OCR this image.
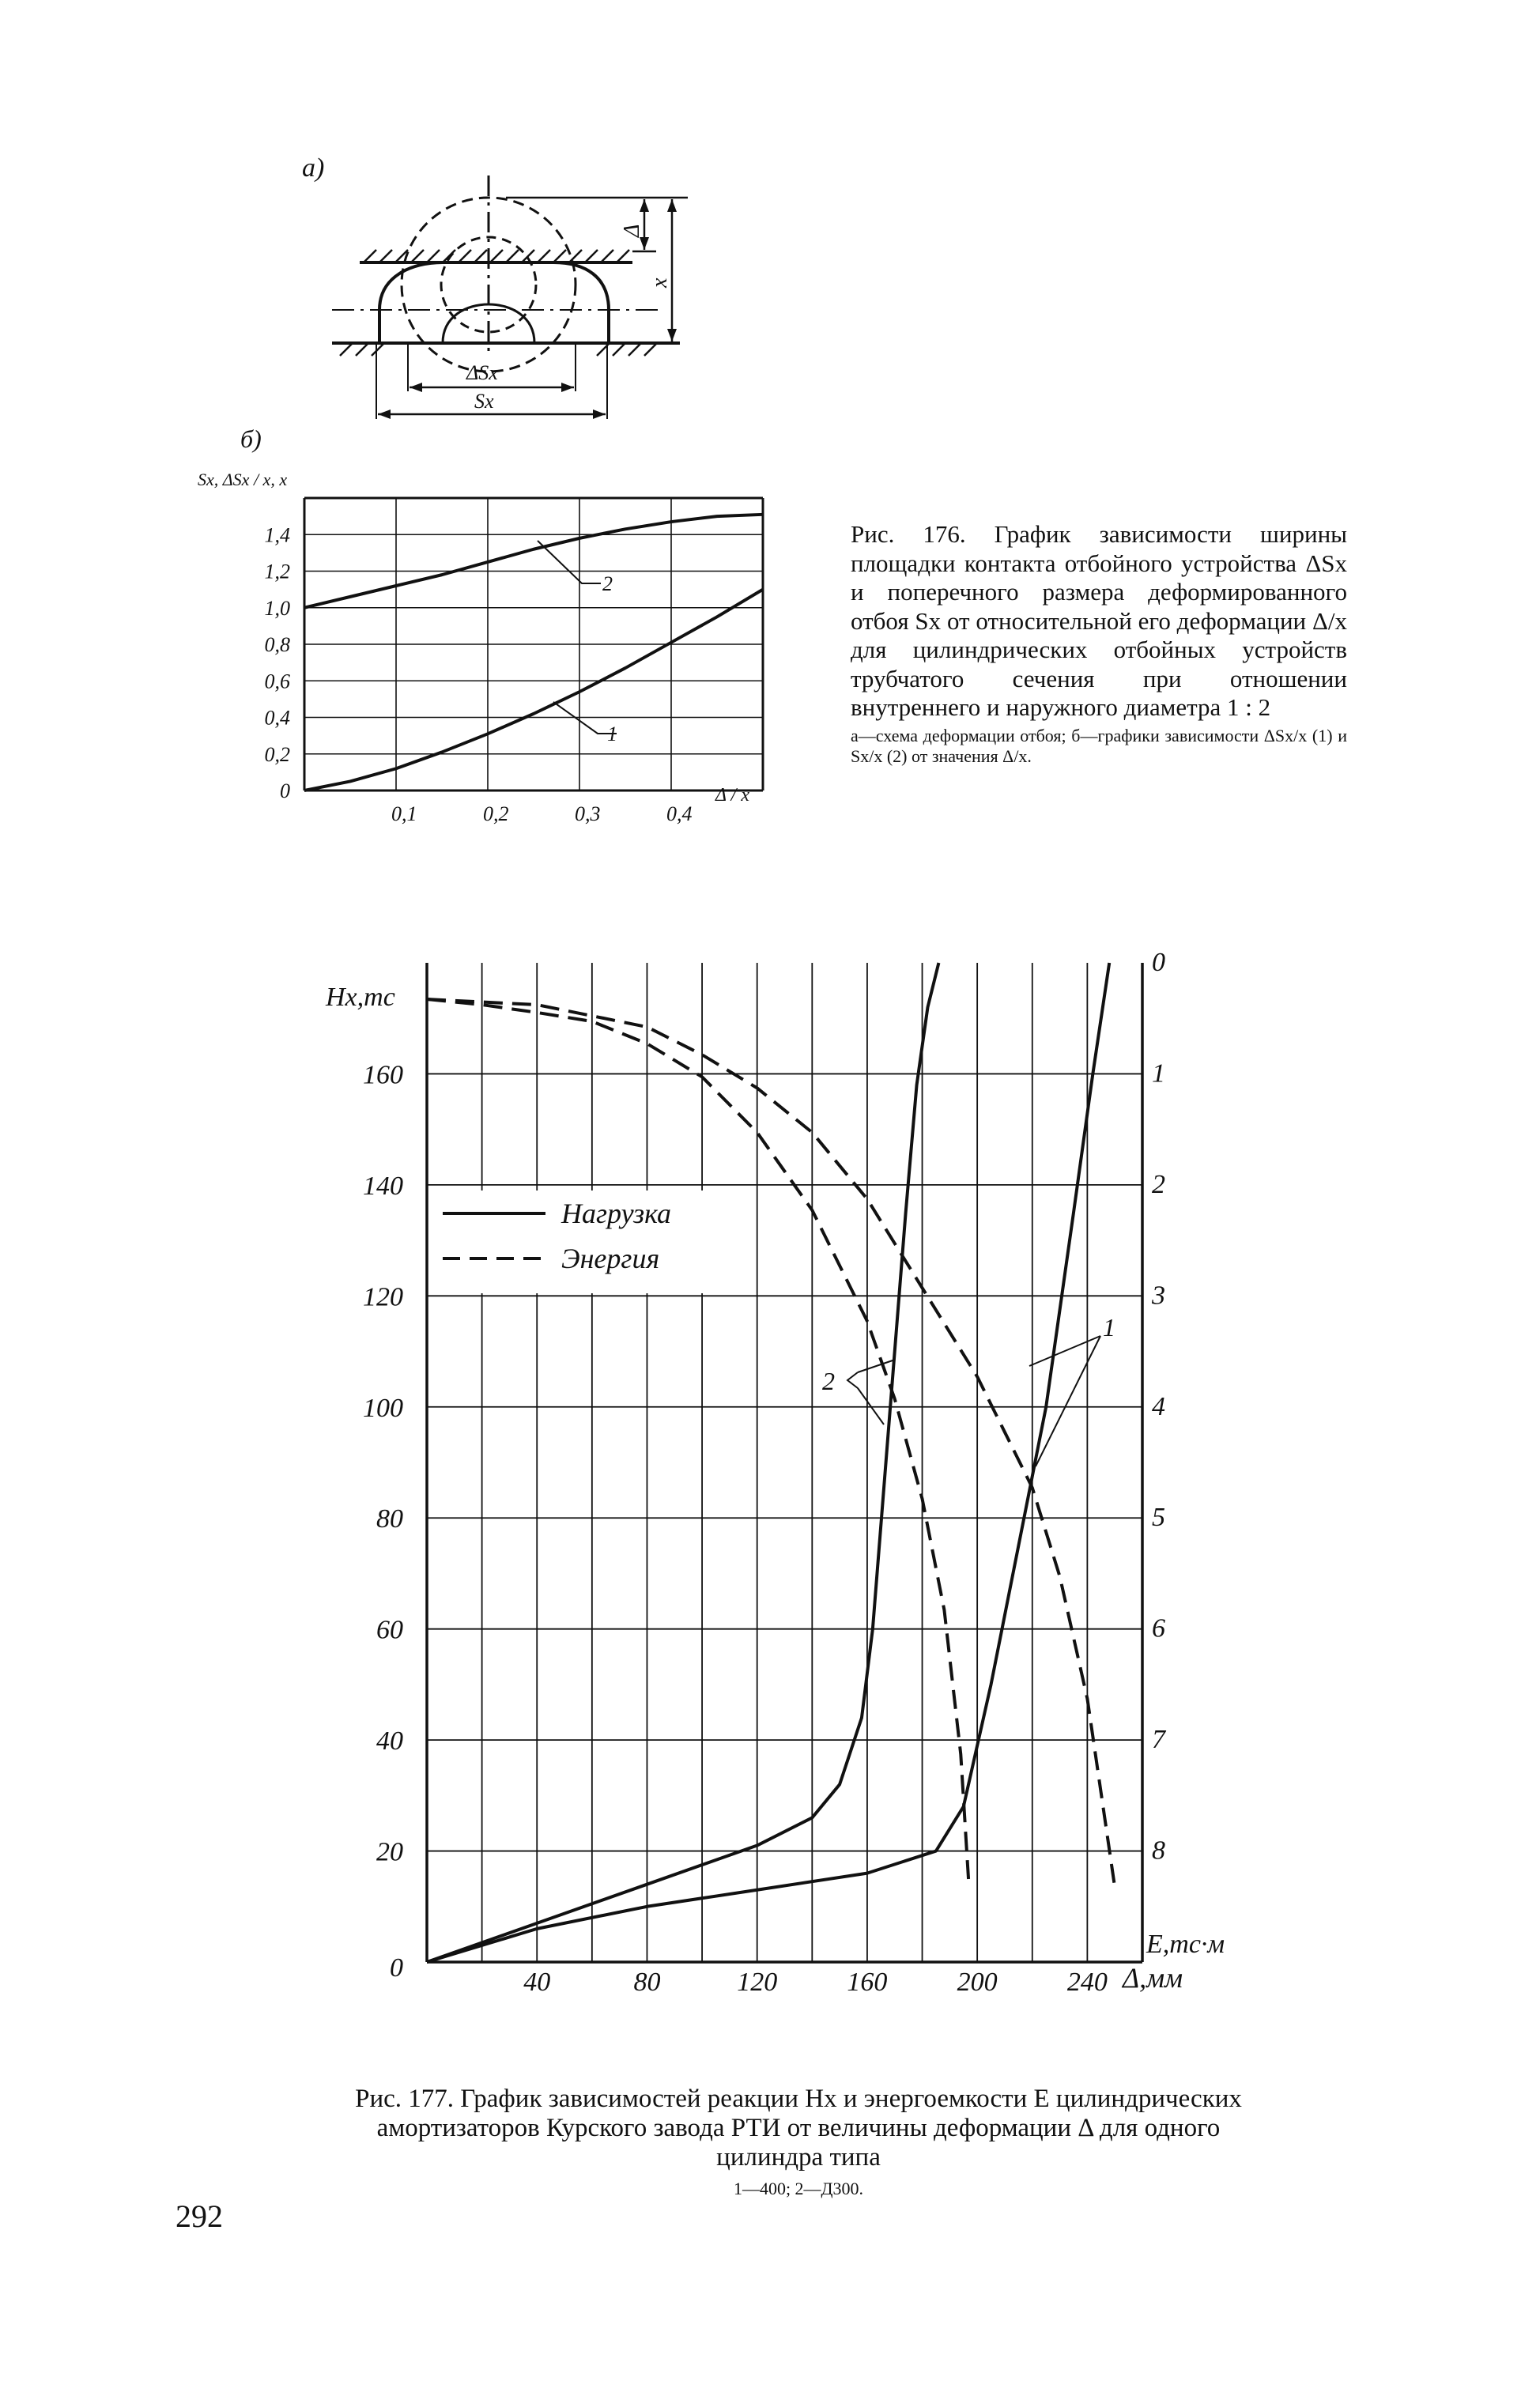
а)
Δ
x
ΔSx
Sx
б)
Sx, ΔSx / x, x
Δ / x
0,1	0,2	0,3	0,4
0
0,2
0,4
0,6
0,8
1,0
1,2
1,4
2
1
Рис. 176. График зависимости ширины площадки контакта отбойного устройства ΔSx и поперечного размера деформированного отбоя Sx от относительной его деформации Δ/x для цилиндрических отбойных устройств трубчатого сечения при отношении внутреннего и наружного диаметра 1 : 2
а—схема деформации отбоя; б—графики зависимости ΔSx/x (1) и Sx/x (2) от значения Δ/x.
Hx,тс
E,тс·м
Δ,мм
40	80	120	160	200	240
0
20
40
60
80
100
120
140
160
0
1
2
3
4
5
6
7
8
Нагрузка
Энергия
2
1
Рис. 177. График зависимостей реакции Hx и энергоемкости E цилиндрических амортизаторов Курского завода РТИ от величины деформации Δ для одного цилиндра типа
1—400; 2—Д300.
292
